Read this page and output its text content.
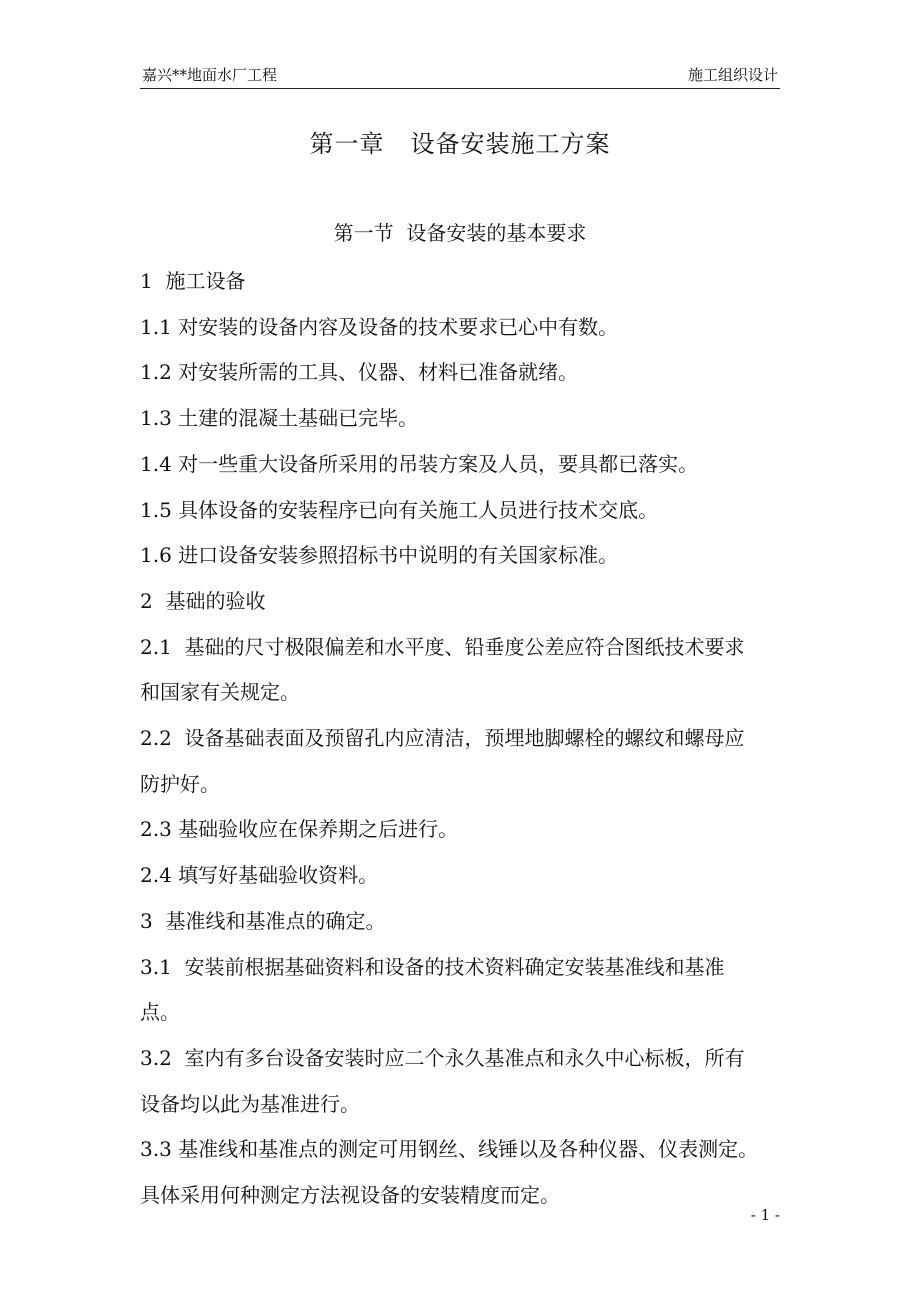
嘉兴**地面水厂工程	施工组织设计
第一章 设备安装施工方案
第一节  设备安装的基本要求

1  施工设备

1.1 对安装的设备内容及设备的技术要求已心中有数。

1.2 对安装所需的工具、仪器、材料已准备就绪。

1.3 土建的混凝土基础已完毕。

1.4 对一些重大设备所采用的吊装方案及人员，要具都已落实。

1.5 具体设备的安装程序已向有关施工人员进行技术交底。

1.6 进口设备安装参照招标书中说明的有关国家标准。

2  基础的验收

2.1  基础的尺寸极限偏差和水平度、铅垂度公差应符合图纸技术要求

和国家有关规定。

2.2  设备基础表面及预留孔内应清洁，预埋地脚螺栓的螺纹和螺母应

防护好。

2.3 基础验收应在保养期之后进行。

2.4 填写好基础验收资料。

3  基准线和基准点的确定。

3.1  安装前根据基础资料和设备的技术资料确定安装基准线和基准

点。

3.2  室内有多台设备安装时应二个永久基准点和永久中心标板，所有

设备均以此为基准进行。

3.3 基准线和基准点的测定可用钢丝、线锤以及各种仪器、仪表测定。

具体采用何种测定方法视设备的安装精度而定。

- 1 -
